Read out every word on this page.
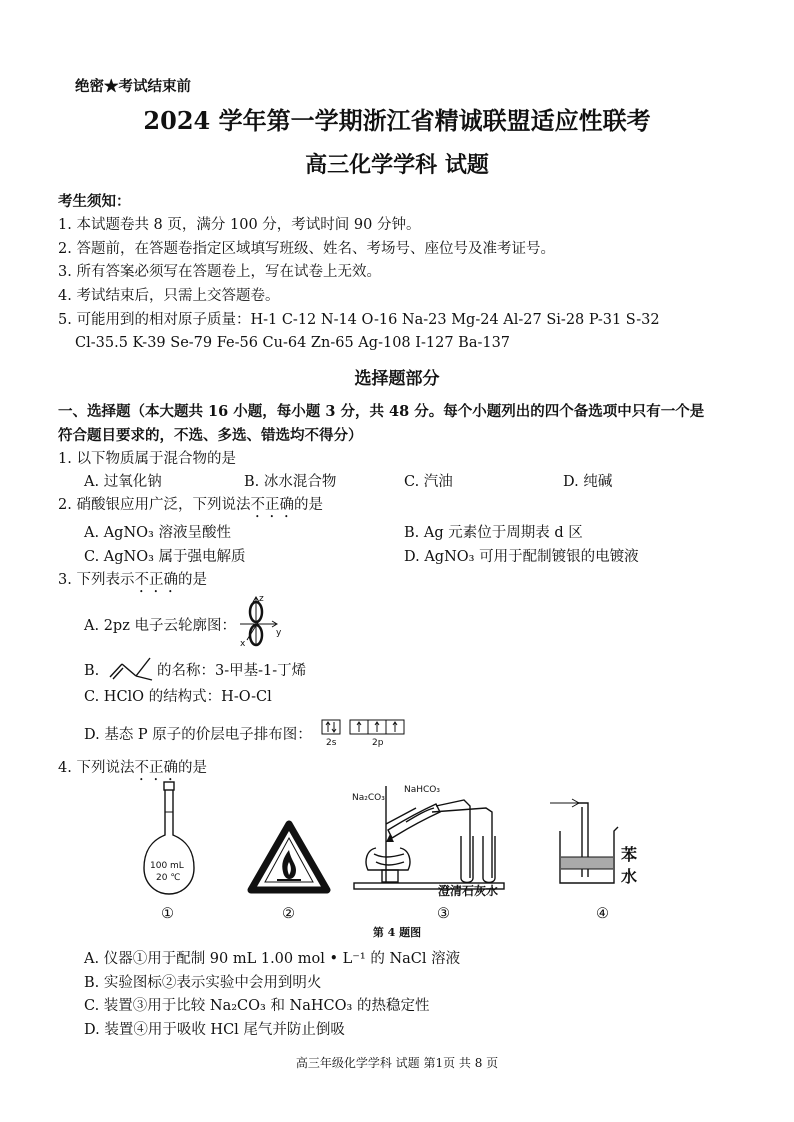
绝密★考试结束前
2024 学年第一学期浙江省精诚联盟适应性联考
高三化学学科 试题
考生须知：
1. 本试题卷共 8 页，满分 100 分，考试时间 90 分钟。
2. 答题前，在答题卷指定区域填写班级、姓名、考场号、座位号及准考证号。
3. 所有答案必须写在答题卷上，写在试卷上无效。
4. 考试结束后，只需上交答题卷。
5. 可能用到的相对原子质量：H-1 C-12 N-14 O-16 Na-23 Mg-24 Al-27 Si-28 P-31 S-32
Cl-35.5 K-39 Se-79 Fe-56 Cu-64 Zn-65 Ag-108 I-127 Ba-137
选择题部分
一、选择题（本大题共 16 小题，每小题 3 分，共 48 分。每个小题列出的四个备选项中只有一个是
符合题目要求的，不选、多选、错选均不得分）
1. 以下物质属于混合物的是
A. 过氧化钠	B. 冰水混合物	C. 汽油	D. 纯碱
2. 硝酸银应用广泛，下列说法不正确的是
A. AgNO₃ 溶液呈酸性	B. Ag 元素位于周期表 d 区
C. AgNO₃ 属于强电解质	D. AgNO₃ 可用于配制镀银的电镀液
3. 下列表示不正确的是
A. 2pz 电子云轮廓图：
z
y
x
B.	的名称：3-甲基-1-丁烯
C. HClO 的结构式：H-O-Cl
D. 基态 P 原子的价层电子排布图： 2s	2p
4. 下列说法不正确的是
100 mL
20 ℃
Na₂CO₃
NaHCO₃
澄清石灰水
苯
水
①	②	③	④
第 4 题图
A. 仪器①用于配制 90 mL 1.00 mol • L⁻¹ 的 NaCl 溶液
B. 实验图标②表示实验中会用到明火
C. 装置③用于比较 Na₂CO₃ 和 NaHCO₃ 的热稳定性
D. 装置④用于吸收 HCl 尾气并防止倒吸
高三年级化学学科 试题 第1页 共 8 页
